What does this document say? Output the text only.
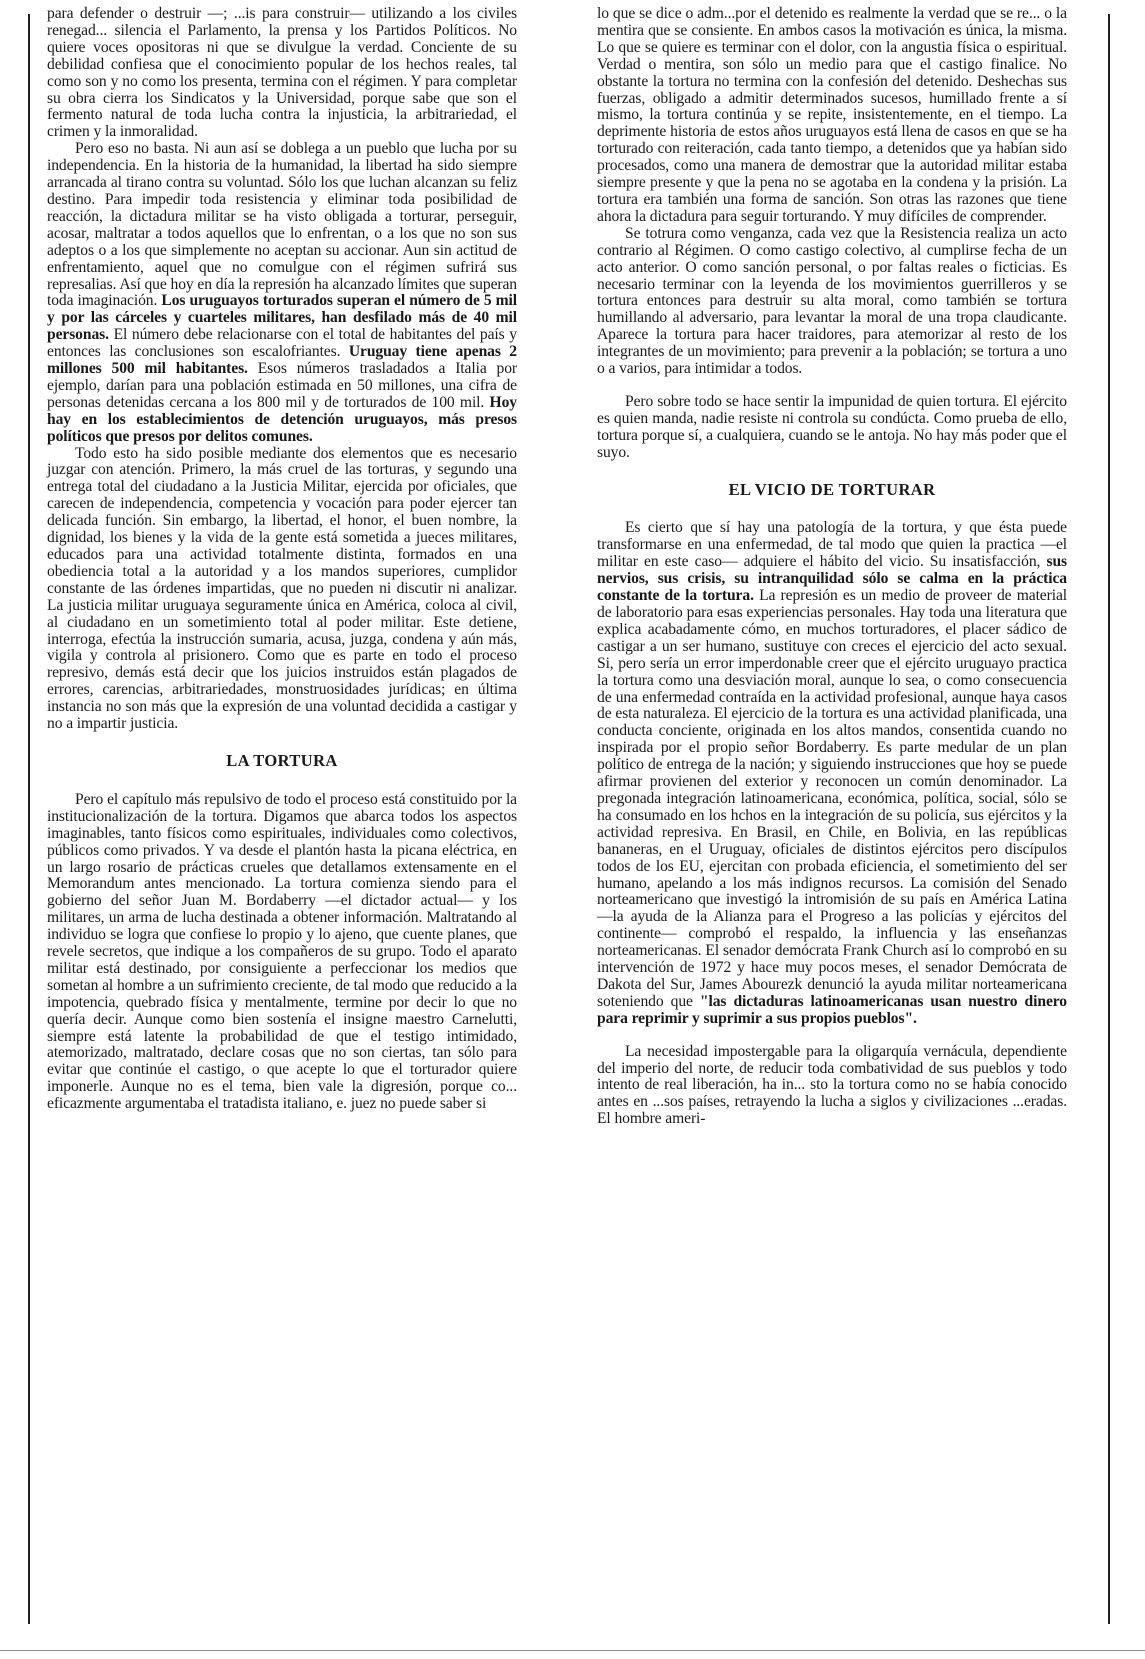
para defender o destruir —; ...is para construir— utilizando a los civiles renegad... silencia el Parlamento, la prensa y los Partidos Políticos. No quiere voces opositoras ni que se divulgue la verdad. Conciente de su debilidad confiesa que el conocimiento popular de los hechos reales, tal como son y no como los presenta, termina con el régimen. Y para completar su obra cierra los Sindicatos y la Universidad, porque sabe que son el fermento natural de toda lucha contra la injusticia, la arbitrariedad, el crimen y la inmoralidad.

Pero eso no basta. Ni aun así se doblega a un pueblo que lucha por su independencia. En la historia de la humanidad, la libertad ha sido siempre arrancada al tirano contra su voluntad. Sólo los que luchan alcanzan su feliz destino. Para impedir toda resistencia y eliminar toda posibilidad de reacción, la dictadura militar se ha visto obligada a torturar, perseguir, acosar, maltratar a todos aquellos que lo enfrentan, o a los que no son sus adeptos o a los que simplemente no aceptan su accionar. Aun sin actitud de enfrentamiento, aquel que no comulgue con el régimen sufrirá sus represalias. Así que hoy en día la represión ha alcanzado límites que superan toda imaginación. Los uruguayos torturados superan el número de 5 mil y por las cárceles y cuarteles militares, han desfilado más de 40 mil personas. El número debe relacionarse con el total de habitantes del país y entonces las conclusiones son escalofriantes. Uruguay tiene apenas 2 millones 500 mil habitantes. Esos números trasladados a Italia por ejemplo, darían para una población estimada en 50 millones, una cifra de personas detenidas cercana a los 800 mil y de torturados de 100 mil. Hoy hay en los establecimientos de detención uruguayos, más presos políticos que presos por delitos comunes.

Todo esto ha sido posible mediante dos elementos que es necesario juzgar con atención. Primero, la más cruel de las torturas, y segundo una entrega total del ciudadano a la Justicia Militar, ejercida por oficiales, que carecen de independencia, competencia y vocación para poder ejercer tan delicada función. Sin embargo, la libertad, el honor, el buen nombre, la dignidad, los bienes y la vida de la gente está sometida a jueces militares, educados para una actividad totalmente distinta, formados en una obediencia total a la autoridad y a los mandos superiores, cumplidor constante de las órdenes impartidas, que no pueden ni discutir ni analizar. La justicia militar uruguaya seguramente única en América, coloca al civil, al ciudadano en un sometimiento total al poder militar. Este detiene, interroga, efectúa la instrucción sumaria, acusa, juzga, condena y aún más, vigila y controla al prisionero. Como que es parte en todo el proceso represivo, demás está decir que los juicios instruidos están plagados de errores, carencias, arbitrariedades, monstruosidades jurídicas; en última instancia no son más que la expresión de una voluntad decidida a castigar y no a impartir justicia.

LA TORTURA

Pero el capítulo más repulsivo de todo el proceso está constituido por la institucionalización de la tortura. Digamos que abarca todos los aspectos imaginables, tanto físicos como espirituales, individuales como colectivos, públicos como privados. Y va desde el plantón hasta la picana eléctrica, en un largo rosario de prácticas crueles que detallamos extensamente en el Memorandum antes mencionado. La tortura comienza siendo para el gobierno del señor Juan M. Bordaberry —el dictador actual— y los militares, un arma de lucha destinada a obtener información. Maltratando al individuo se logra que confiese lo propio y lo ajeno, que cuente planes, que revele secretos, que indique a los compañeros de su grupo. Todo el aparato militar está destinado, por consiguiente a perfeccionar los medios que sometan al hombre a un sufrimiento creciente, de tal modo que reducido a la impotencia, quebrado física y mentalmente, termine por decir lo que no quería decir. Aunque como bien sostenía el insigne maestro Carnelutti, siempre está latente la probabilidad de que el testigo intimidado, atemorizado, maltratado, declare cosas que no son ciertas, tan sólo para evitar que continúe el castigo, o que acepte lo que el torturador quiere imponerle. Aunque no es el tema, bien vale la digresión, porque co... eficazmente argumentaba el tratadista italiano, e. juez no puede saber si

lo que se dice o adm...por el detenido es realmente la verdad que se re... o la mentira que se consiente. En ambos casos la motivación es única, la misma. Lo que se quiere es terminar con el dolor, con la angustia física o espiritual. Verdad o mentira, son sólo un medio para que el castigo finalice. No obstante la tortura no termina con la confesión del detenido. Deshechas sus fuerzas, obligado a admitir determinados sucesos, humillado frente a sí mismo, la tortura continúa y se repite, insistentemente, en el tiempo. La deprimente historia de estos años uruguayos está llena de casos en que se ha torturado con reiteración, cada tanto tiempo, a detenidos que ya habían sido procesados, como una manera de demostrar que la autoridad militar estaba siempre presente y que la pena no se agotaba en la condena y la prisión. La tortura era también una forma de sanción. Son otras las razones que tiene ahora la dictadura para seguir torturando. Y muy difíciles de comprender.

Se totrura como venganza, cada vez que la Resistencia realiza un acto contrario al Régimen. O como castigo colectivo, al cumplirse fecha de un acto anterior. O como sanción personal, o por faltas reales o ficticias. Es necesario terminar con la leyenda de los movimientos guerrilleros y se tortura entonces para destruir su alta moral, como también se tortura humillando al adversario, para levantar la moral de una tropa claudicante. Aparece la tortura para hacer traidores, para atemorizar al resto de los integrantes de un movimiento; para prevenir a la población; se tortura a uno o a varios, para intimidar a todos.

Pero sobre todo se hace sentir la impunidad de quien tortura. El ejército es quien manda, nadie resiste ni controla su condúcta. Como prueba de ello, tortura porque sí, a cualquiera, cuando se le antoja. No hay más poder que el suyo.

EL VICIO DE TORTURAR

Es cierto que sí hay una patología de la tortura, y que ésta puede transformarse en una enfermedad, de tal modo que quien la practica —el militar en este caso— adquiere el hábito del vicio. Su insatisfacción, sus nervios, sus crisis, su intranquilidad sólo se calma en la práctica constante de la tortura. La represión es un medio de proveer de material de laboratorio para esas experiencias personales. Hay toda una literatura que explica acabadamente cómo, en muchos torturadores, el placer sádico de castigar a un ser humano, sustituye con creces el ejercicio del acto sexual. Si, pero sería un error imperdonable creer que el ejército uruguayo practica la tortura como una desviación moral, aunque lo sea, o como consecuencia de una enfermedad contraída en la actividad profesional, aunque haya casos de esta naturaleza. El ejercicio de la tortura es una actividad planificada, una conducta conciente, originada en los altos mandos, consentida cuando no inspirada por el propio señor Bordaberry. Es parte medular de un plan político de entrega de la nación; y siguiendo instrucciones que hoy se puede afirmar provienen del exterior y reconocen un común denominador. La pregonada integración latinoamericana, económica, política, social, sólo se ha consumado en los hchos en la integración de su policía, sus ejércitos y la actividad represiva. En Brasil, en Chile, en Bolivia, en las repúblicas bananeras, en el Uruguay, oficiales de distintos ejércitos pero discípulos todos de los EU, ejercitan con probada eficiencia, el sometimiento del ser humano, apelando a los más indignos recursos. La comisión del Senado norteamericano que investigó la intromisión de su país en América Latina —la ayuda de la Alianza para el Progreso a las policías y ejércitos del continente— comprobó el respaldo, la influencia y las enseñanzas norteamericanas. El senador demócrata Frank Church así lo comprobó en su intervención de 1972 y hace muy pocos meses, el senador Demócrata de Dakota del Sur, James Abourezk denunció la ayuda militar norteamericana soteniendo que "las dictaduras latinoamericanas usan nuestro dinero para reprimir y suprimir a sus propios pueblos".

La necesidad impostergable para la oligarquía vernácula, dependiente del imperio del norte, de reducir toda combatividad de sus pueblos y todo intento de real liberación, ha in... sto la tortura como no se había conocido antes en ...sos países, retrayendo la lucha a siglos y civilizaciones ...eradas. El hombre ameri-
